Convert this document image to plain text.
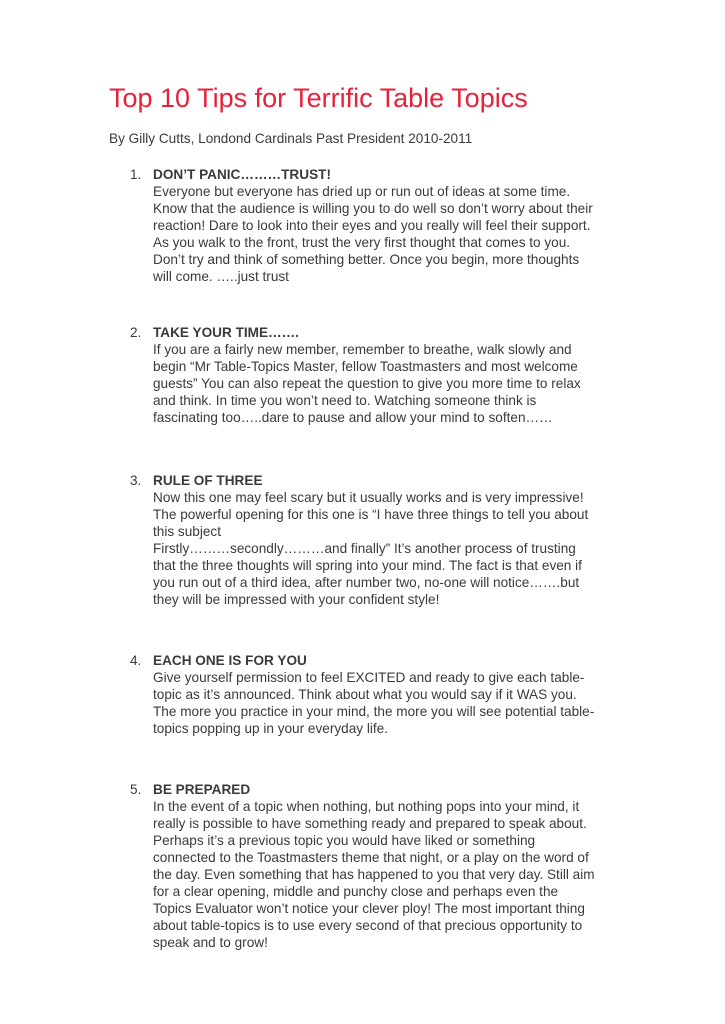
Top 10 Tips for Terrific Table Topics

By Gilly Cutts, Londond Cardinals Past President 2010-2011

1. DON’T PANIC………TRUST!

Everyone but everyone has dried up or run out of ideas at some time.

Know that the audience is willing you to do well so don’t worry about their

reaction! Dare to look into their eyes and you really will feel their support.

As you walk to the front, trust the very first thought that comes to you.

Don’t try and think of something better. Once you begin, more thoughts

will come. …..just trust

2. TAKE YOUR TIME…….

If you are a fairly new member, remember to breathe, walk slowly and

begin “Mr Table-Topics Master, fellow Toastmasters and most welcome

guests” You can also repeat the question to give you more time to relax

and think. In time you won’t need to. Watching someone think is

fascinating too…..dare to pause and allow your mind to soften……

3. RULE OF THREE

Now this one may feel scary but it usually works and is very impressive!

The powerful opening for this one is “I have three things to tell you about

this subject

Firstly………secondly………and finally” It’s another process of trusting

that the three thoughts will spring into your mind. The fact is that even if

you run out of a third idea, after number two, no-one will notice…….but

they will be impressed with your confident style!

4. EACH ONE IS FOR YOU

Give yourself permission to feel EXCITED and ready to give each table-

topic as it’s announced. Think about what you would say if it WAS you.

The more you practice in your mind, the more you will see potential table-

topics popping up in your everyday life.

5. BE PREPARED

In the event of a topic when nothing, but nothing pops into your mind, it

really is possible to have something ready and prepared to speak about.

Perhaps it’s a previous topic you would have liked or something

connected to the Toastmasters theme that night, or a play on the word of

the day. Even something that has happened to you that very day. Still aim

for a clear opening, middle and punchy close and perhaps even the

Topics Evaluator won’t notice your clever ploy! The most important thing

about table-topics is to use every second of that precious opportunity to

speak and to grow!
